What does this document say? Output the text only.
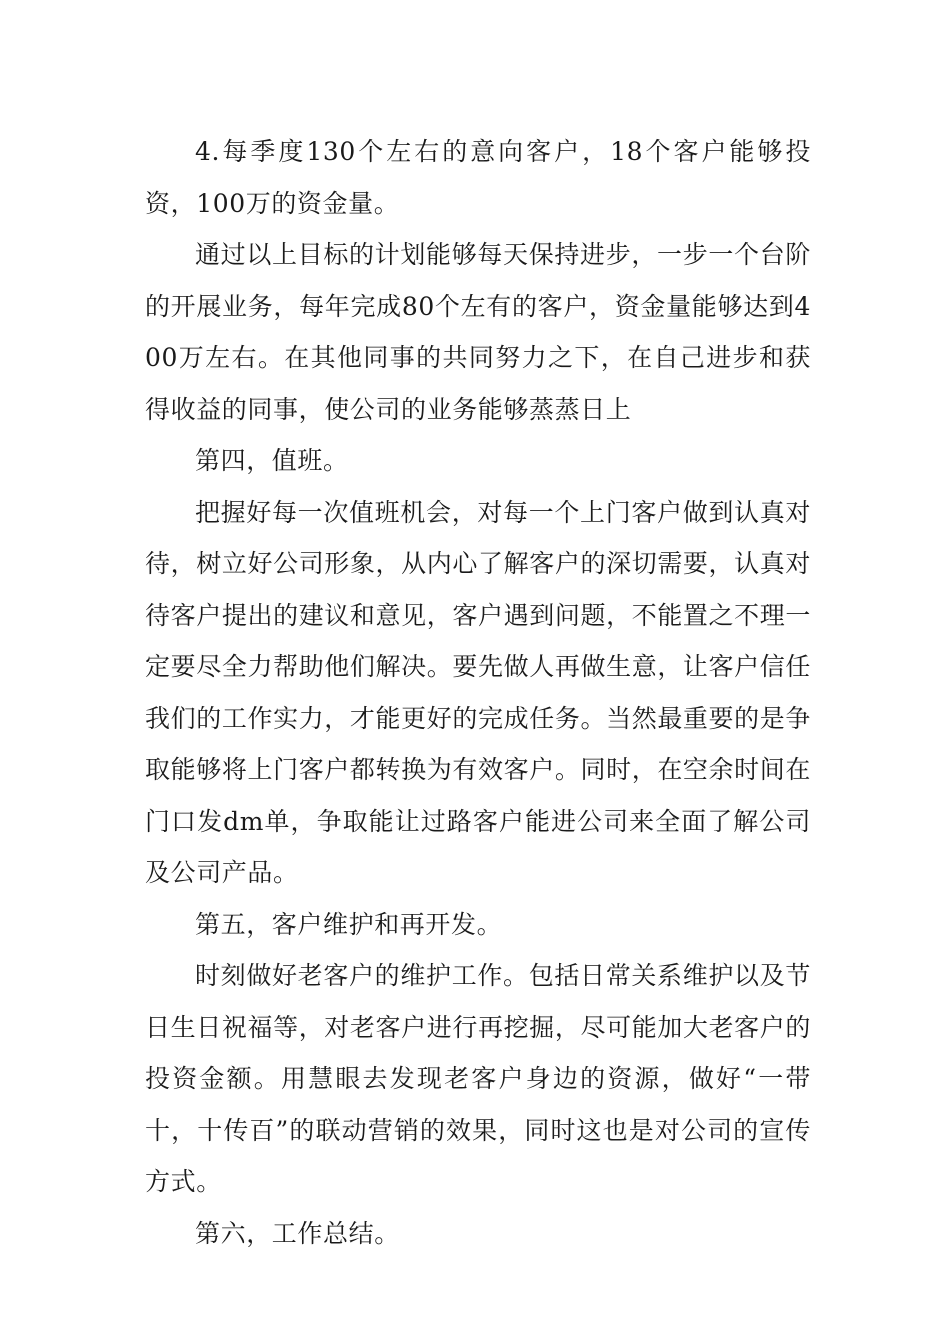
4.每季度130个左右的意向客户，18个客户能够投资，100万的资金量。

通过以上目标的计划能够每天保持进步，一步一个台阶的开展业务，每年完成80个左有的客户，资金量能够达到400万左右。在其他同事的共同努力之下，在自己进步和获得收益的同事，使公司的业务能够蒸蒸日上

第四，值班。

把握好每一次值班机会，对每一个上门客户做到认真对待，树立好公司形象，从内心了解客户的深切需要，认真对待客户提出的建议和意见，客户遇到问题，不能置之不理一定要尽全力帮助他们解决。要先做人再做生意，让客户信任我们的工作实力，才能更好的完成任务。当然最重要的是争取能够将上门客户都转换为有效客户。同时，在空余时间在门口发dm单，争取能让过路客户能进公司来全面了解公司及公司产品。

第五，客户维护和再开发。

时刻做好老客户的维护工作。包括日常关系维护以及节日生日祝福等，对老客户进行再挖掘，尽可能加大老客户的投资金额。用慧眼去发现老客户身边的资源，做好“一带十，十传百”的联动营销的效果，同时这也是对公司的宣传方式。

第六，工作总结。
